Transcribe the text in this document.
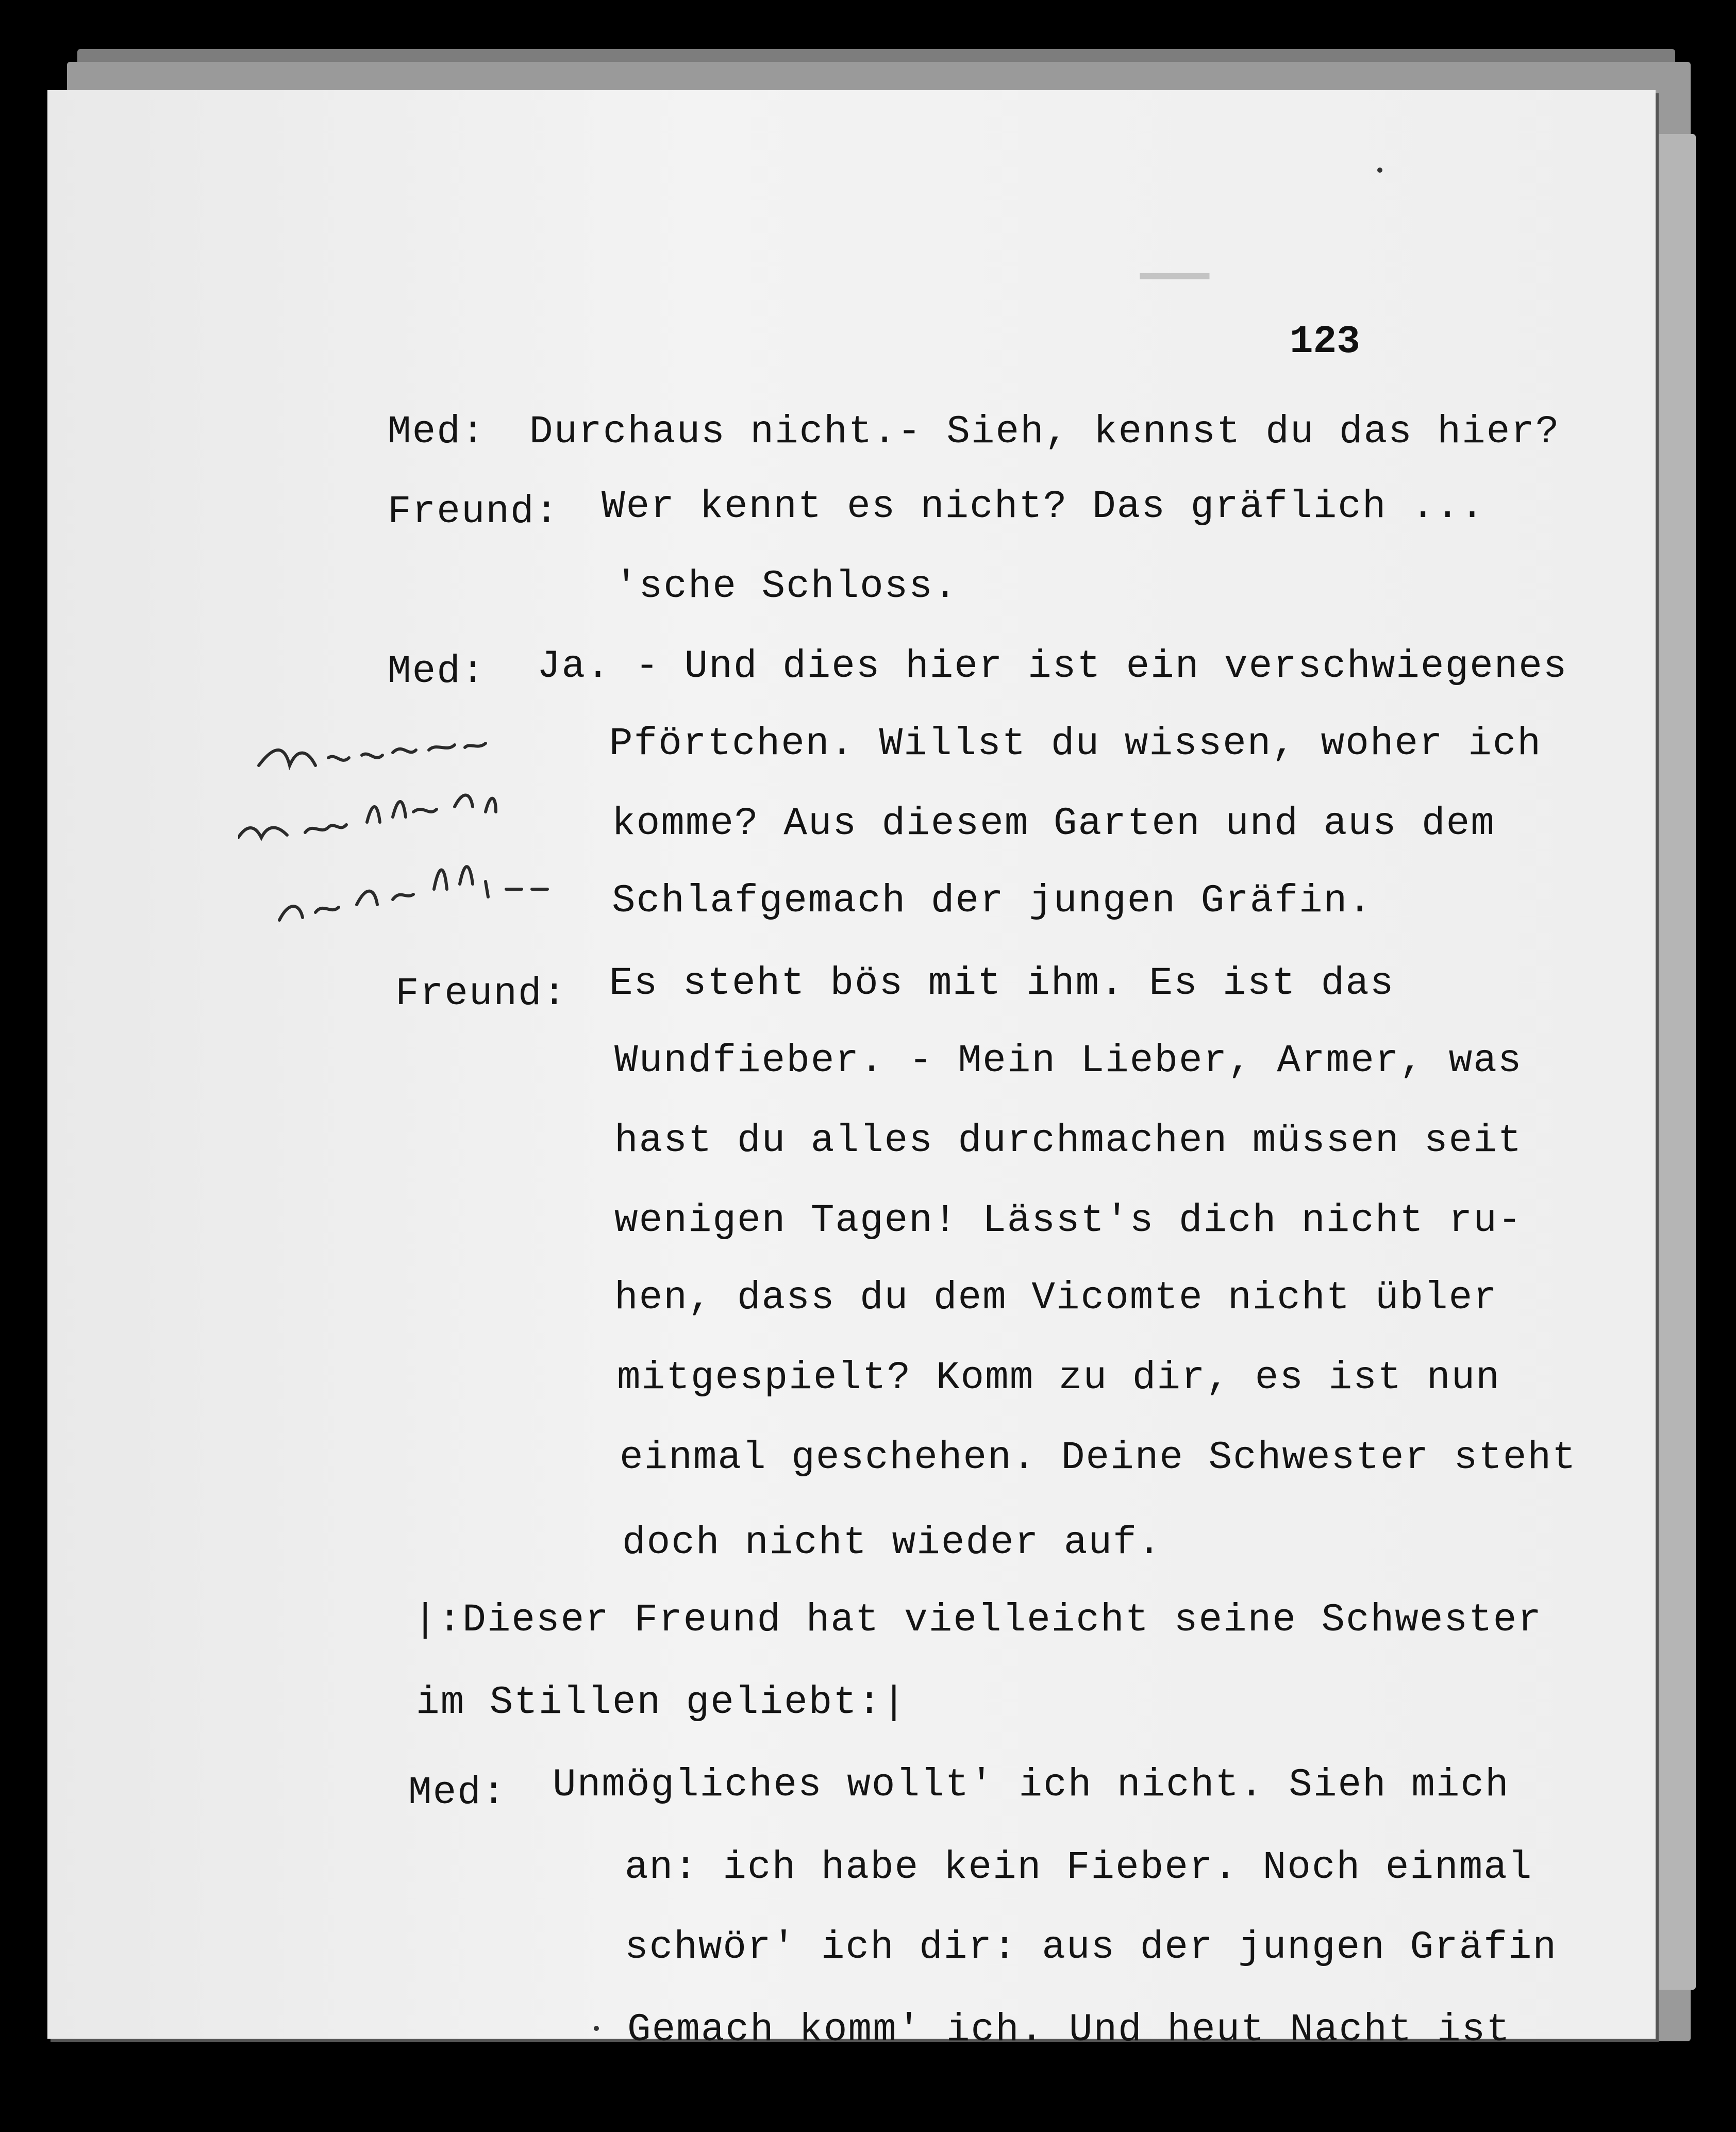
▁▁▁
123
Med: Durchaus nicht.- Sieh, kennst du das hier?
Freund: Wer kennt es nicht? Das gräflich ...
'sche Schloss.
Med: Ja. - Und dies hier ist ein verschwiegenes
Pförtchen. Willst du wissen, woher ich
komme? Aus diesem Garten und aus dem
Schlafgemach der jungen Gräfin.
Freund: Es steht bös mit ihm. Es ist das
Wundfieber. - Mein Lieber, Armer, was
hast du alles durchmachen müssen seit
wenigen Tagen! Lässt's dich nicht ru-
hen, dass du dem Vicomte nicht übler
mitgespielt? Komm zu dir, es ist nun
einmal geschehen. Deine Schwester steht
doch nicht wieder auf.
|:Dieser Freund hat vielleicht seine Schwester
im Stillen geliebt:|
Med: Unmögliches wollt' ich nicht. Sieh mich
an: ich habe kein Fieber. Noch einmal
schwör' ich dir: aus der jungen Gräfin
Gemach komm' ich. Und heut Nacht ist
